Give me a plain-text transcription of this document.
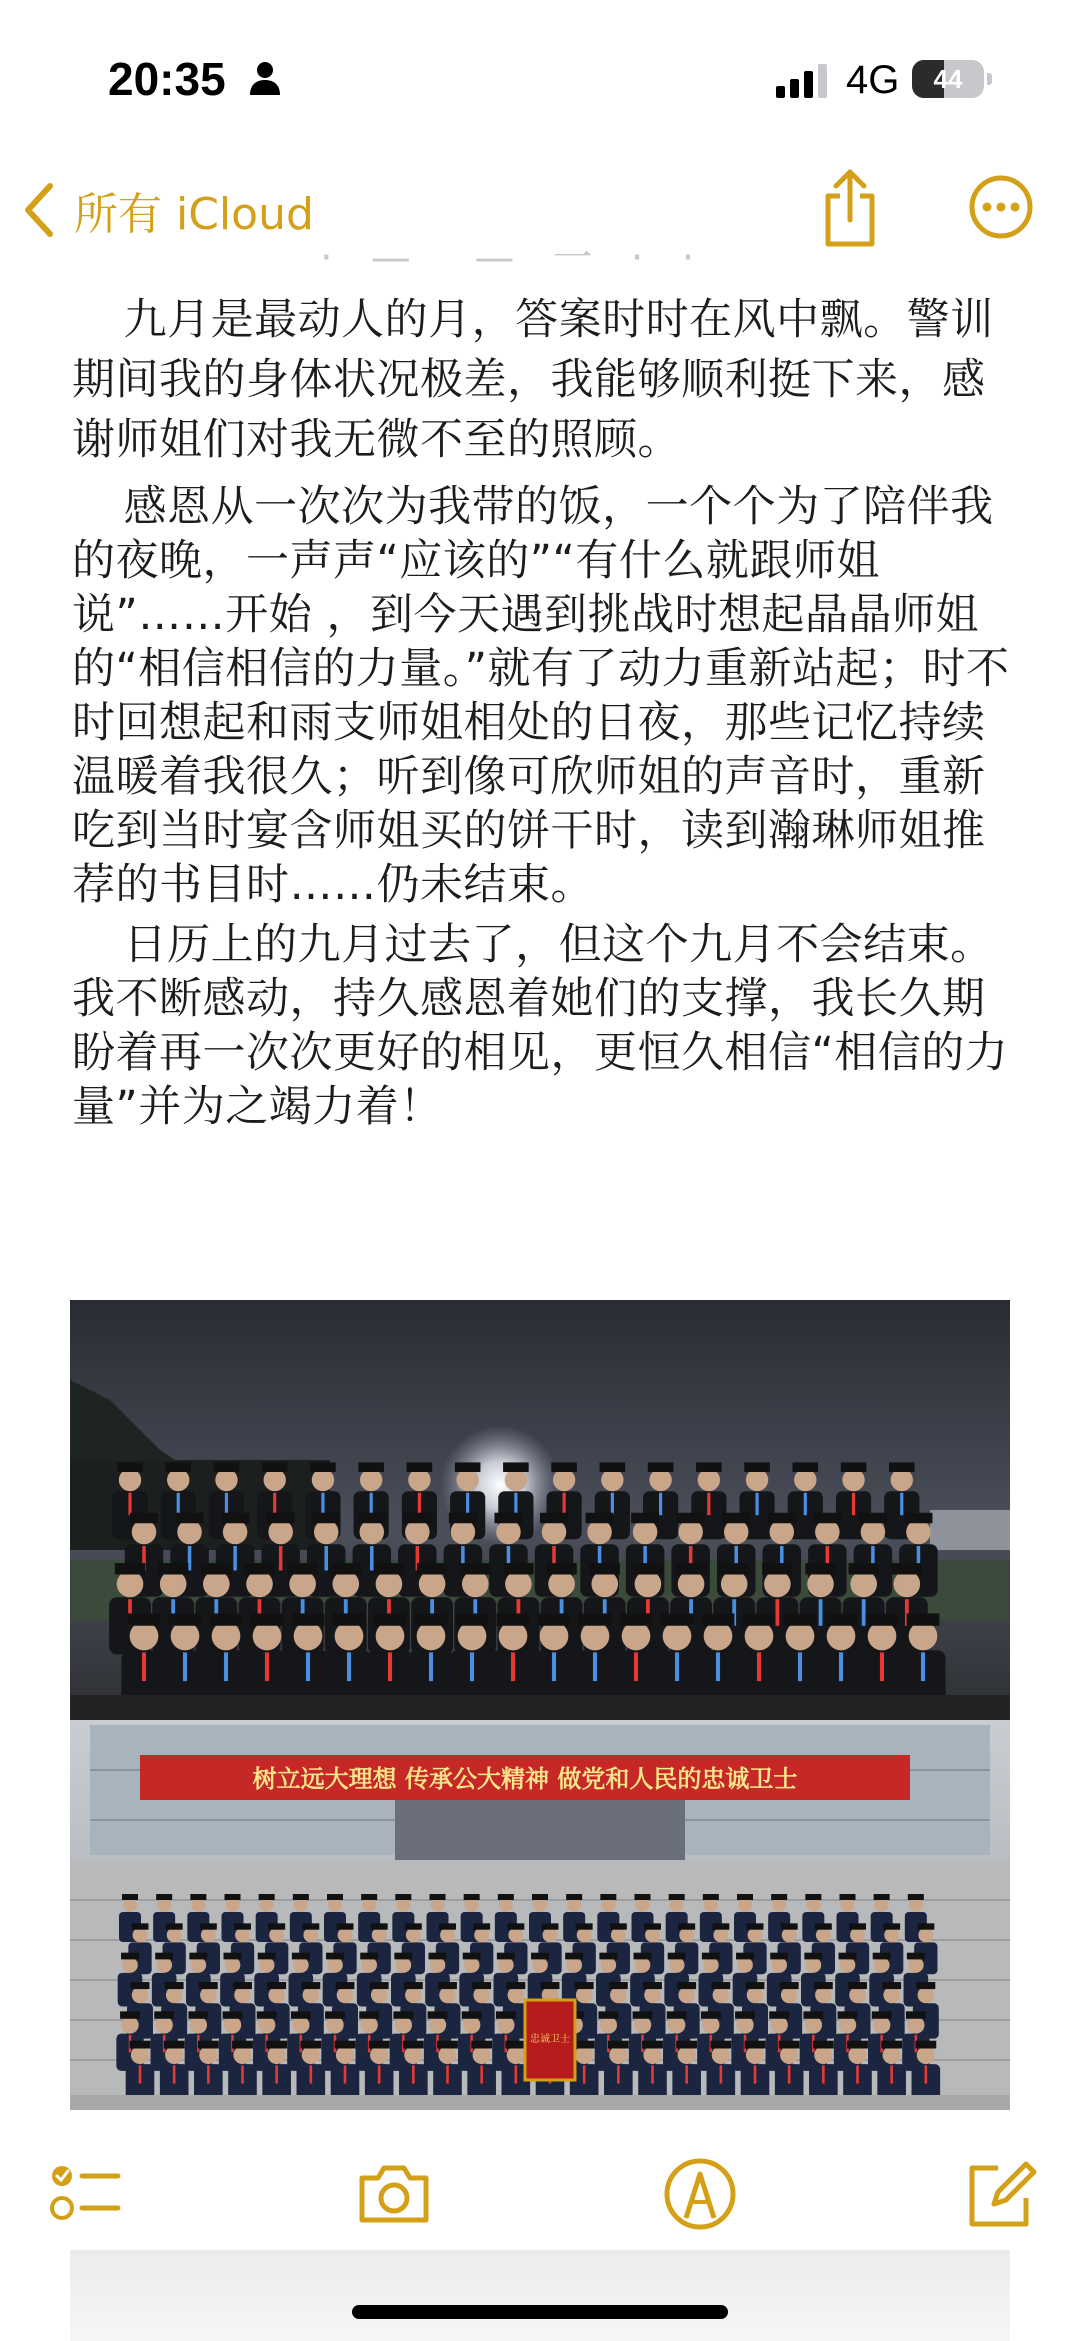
20:35	4G	44
所有 iCloud
·   —     —   一   ·   ·

九月是最动人的月，答案时时在风中飘。警训期间我的身体状况极差，我能够顺利挺下来，感谢师姐们对我无微不至的照顾。

感恩从一次次为我带的饭，一个个为了陪伴我的夜晚，一声声“应该的”“有什么就跟师姐说”……开始 ，到今天遇到挑战时想起晶晶师姐的“相信相信的力量。”就有了动力重新站起；时不时回想起和雨支师姐相处的日夜，那些记忆持续温暖着我很久；听到像可欣师姐的声音时，重新吃到当时宴含师姐买的饼干时，读到瀚琳师姐推荐的书目时……仍未结束。

日历上的九月过去了，但这个九月不会结束。我不断感动，持久感恩着她们的支撑，我长久期盼着再一次次更好的相见，更恒久相信“相信的力量”并为之竭力着！

树立远大理想 传承公大精神 做党和人民的忠诚卫士
忠诚卫士
